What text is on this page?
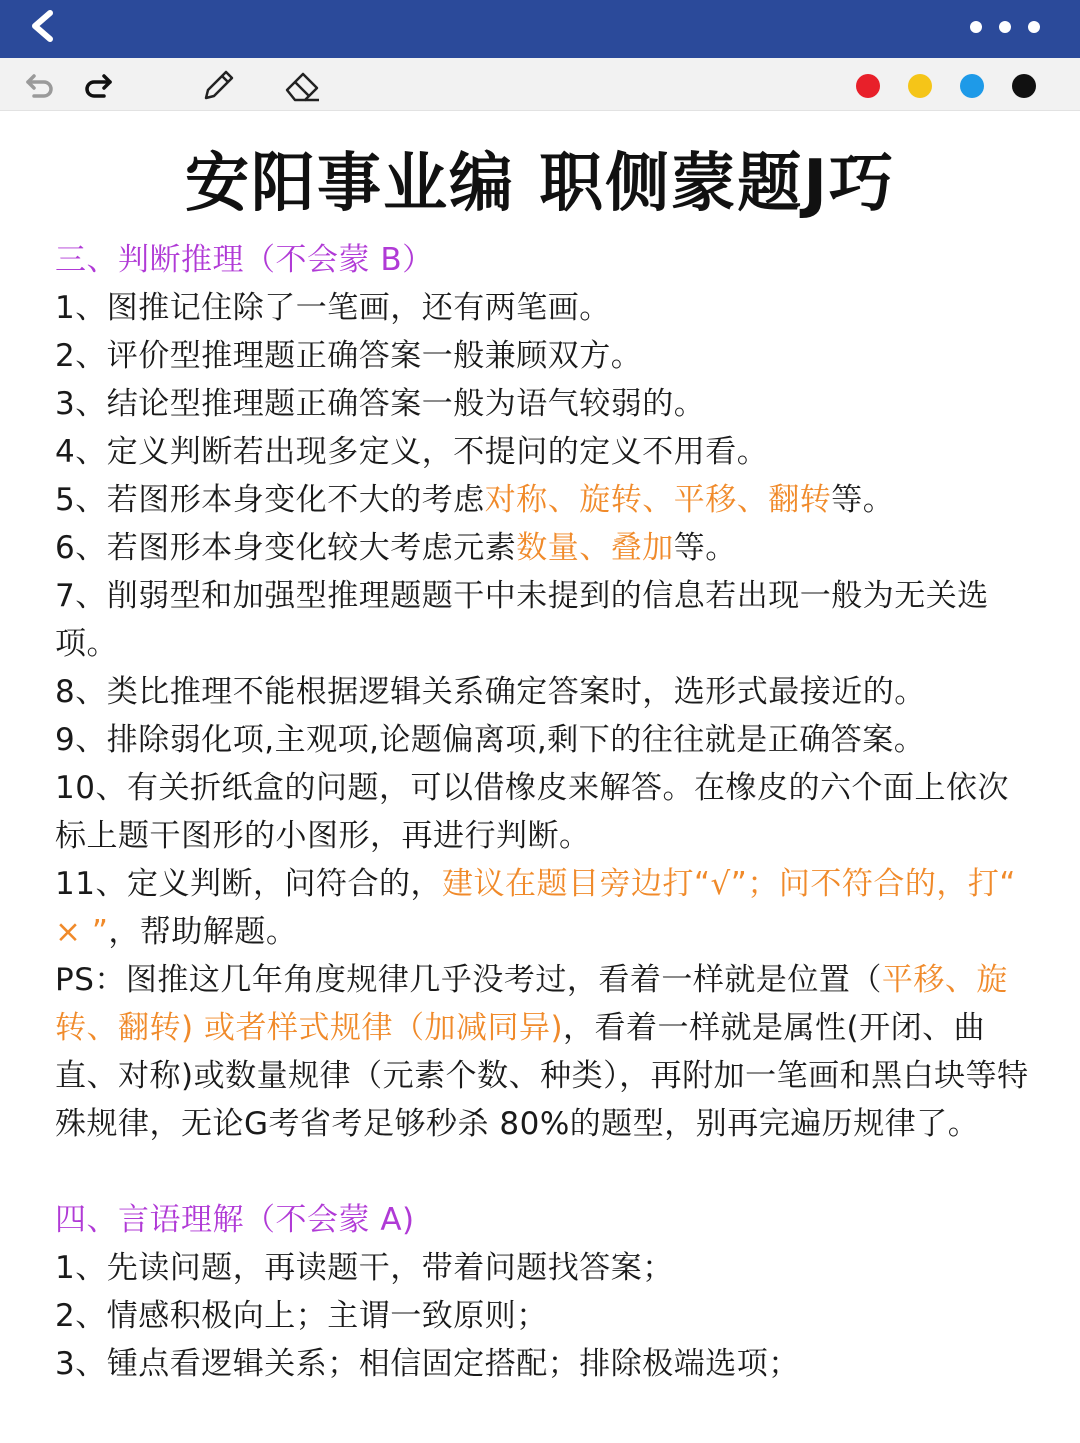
安阳事业编 职侧蒙题J巧

三、判断推理（不会蒙 B）

1、图推记住除了一笔画，还有两笔画。

2、评价型推理题正确答案一般兼顾双方。

3、结论型推理题正确答案一般为语气较弱的。

4、定义判断若出现多定义，不提问的定义不用看。

5、若图形本身变化不大的考虑对称、旋转、平移、翻转等。

6、若图形本身变化较大考虑元素数量、叠加等。

7、削弱型和加强型推理题题干中未提到的信息若出现一般为无关选项。

8、类比推理不能根据逻辑关系确定答案时，选形式最接近的。

9、排除弱化项,主观项,论题偏离项,剩下的往往就是正确答案。

10、有关折纸盒的问题，可以借橡皮来解答。在橡皮的六个面上依次标上题干图形的小图形，再进行判断。

11、定义判断，问符合的，建议在题目旁边打“√”；问不符合的，打“ × ”，帮助解题。

PS：图推这几年角度规律几乎没考过，看着一样就是位置（平移、旋转、翻转) 或者样式规律（加减同异)，看着一样就是属性(开闭、曲直、对称)或数量规律（元素个数、种类），再附加一笔画和黑白块等特殊规律，无论G考省考足够秒杀 80%的题型，别再完遍历规律了。

四、言语理解（不会蒙 A)

1、先读问题，再读题干，带着问题找答案；

2、情感积极向上；主谓一致原则；

3、锺点看逻辑关系；相信固定搭配；排除极端选项；
